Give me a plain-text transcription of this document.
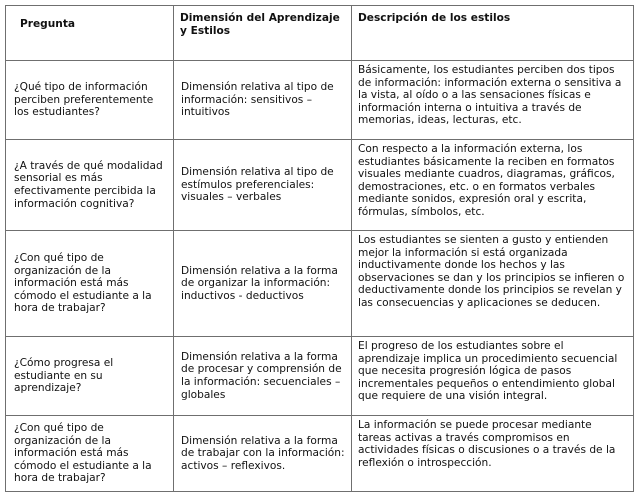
Pregunta	Dimensión del Aprendizaje y Estilos	Descripción de los estilos
¿Qué tipo de información perciben preferentemente los estudiantes?	Dimensión relativa al tipo de información: sensitivos – intuitivos	Básicamente, los estudiantes perciben dos tipos de información: información externa o sensitiva a la vista, al oído o a las sensaciones físicas e información interna o intuitiva a través de memorias, ideas, lecturas, etc.
¿A través de qué modalidad sensorial es más efectivamente percibida la información cognitiva?	Dimensión relativa al tipo de estímulos preferenciales: visuales – verbales	Con respecto a la información externa, los estudiantes básicamente la reciben en formatos visuales mediante cuadros, diagramas, gráficos, demostraciones, etc. o en formatos verbales mediante sonidos, expresión oral y escrita, fórmulas, símbolos, etc.
¿Con qué tipo de organización de la información está más cómodo el estudiante a la hora de trabajar?	Dimensión relativa a la forma de organizar la información: inductivos - deductivos	Los estudiantes se sienten a gusto y entienden mejor la información si está organizada inductivamente donde los hechos y las observaciones se dan y los principios se infieren o deductivamente donde los principios se revelan y las consecuencias y aplicaciones se deducen.
¿Cómo progresa el estudiante en su aprendizaje?	Dimensión relativa a la forma de procesar y comprensión de la información: secuenciales – globales	El progreso de los estudiantes sobre el aprendizaje implica un procedimiento secuencial que necesita progresión lógica de pasos incrementales pequeños o entendimiento global que requiere de una visión integral.
¿Con qué tipo de organización de la información está más cómodo el estudiante a la hora de trabajar?	Dimensión relativa a la forma de trabajar con la información: activos – reflexivos.	La información se puede procesar mediante tareas activas a través compromisos en actividades físicas o discusiones o a través de la reflexión o introspección.
